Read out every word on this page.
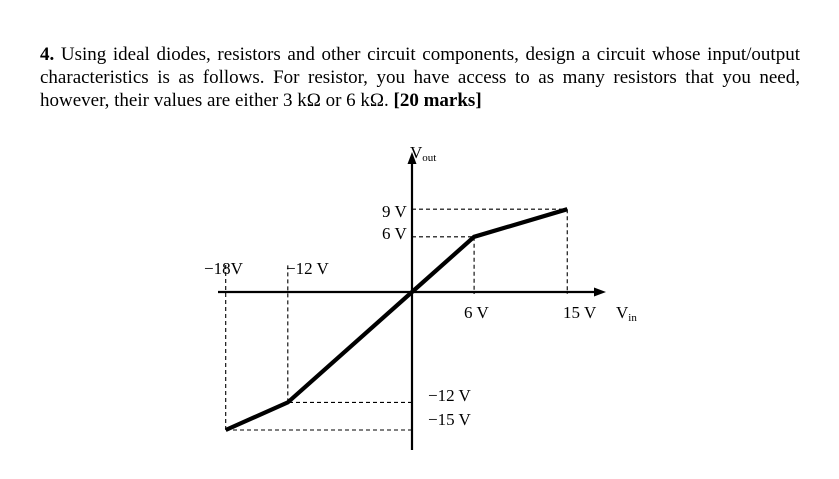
4. Using ideal diodes, resistors and other circuit components, design a circuit whose input/output characteristics is as follows. For resistor, you have access to as many resistors that you need, however, their values are either 3 kΩ or 6 kΩ. [20 marks]

$V_{out}$
$V_{in}$
−18V	−12 V
6 V	15 V
9 V
6 V
−12 V
−15 V
